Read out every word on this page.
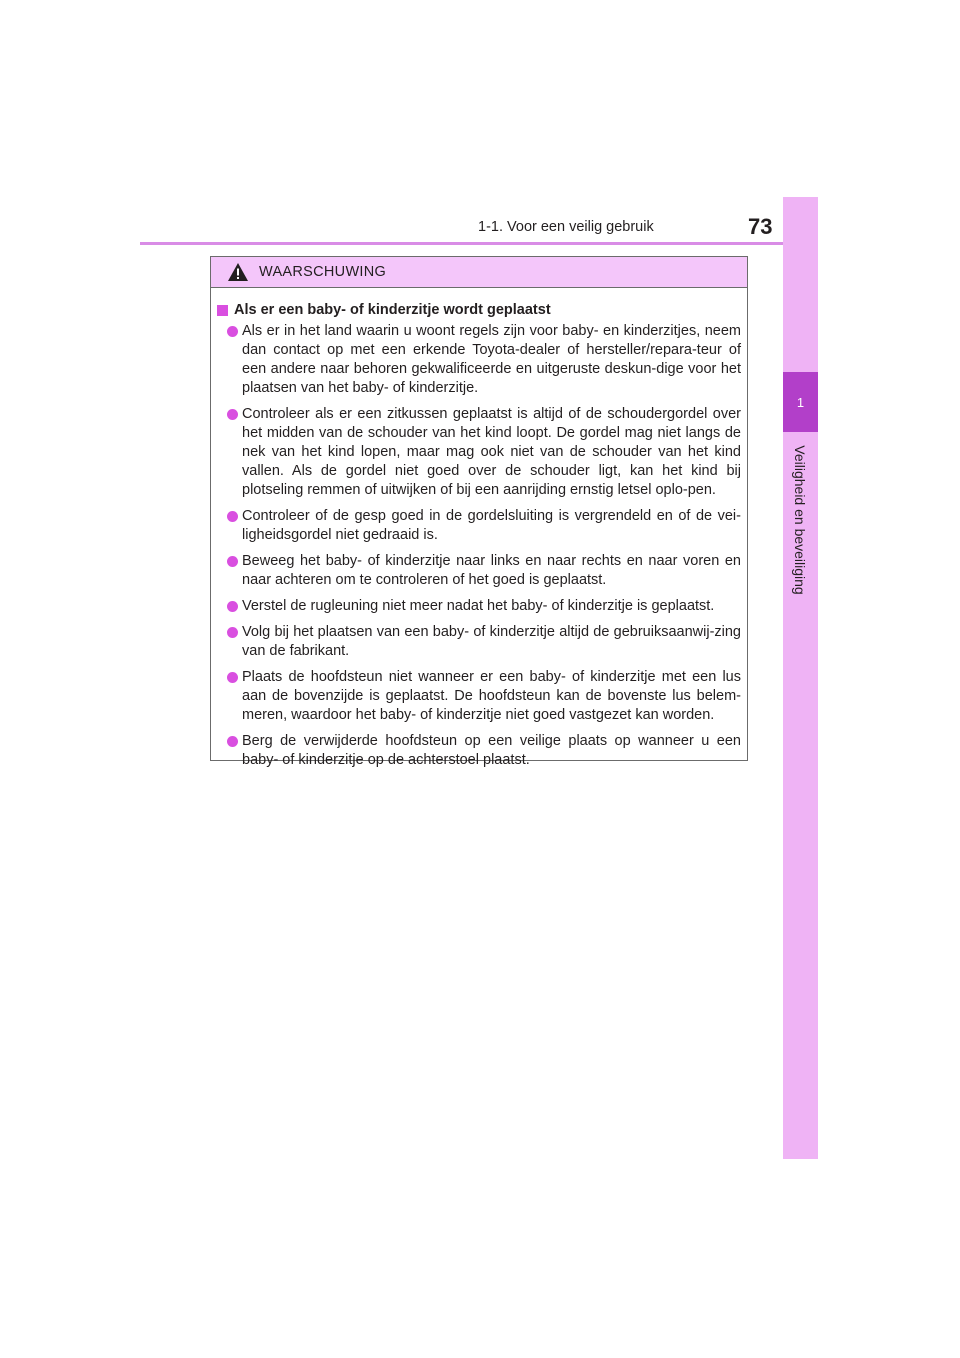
1-1. Voor een veilig gebruik	73
1
Veiligheid en beveiliging
WAARSCHUWING
Als er een baby- of kinderzitje wordt geplaatst
Als er in het land waarin u woont regels zijn voor baby- en kinderzitjes, neem dan contact op met een erkende Toyota-dealer of hersteller/repara-teur of een andere naar behoren gekwalificeerde en uitgeruste deskun-dige voor het plaatsen van het baby- of kinderzitje.
Controleer als er een zitkussen geplaatst is altijd of de schoudergordel over het midden van de schouder van het kind loopt. De gordel mag niet langs de nek van het kind lopen, maar mag ook niet van de schouder van het kind vallen. Als de gordel niet goed over de schouder ligt, kan het kind bij plotseling remmen of uitwijken of bij een aanrijding ernstig letsel oplo-pen.
Controleer of de gesp goed in de gordelsluiting is vergrendeld en of de vei-ligheidsgordel niet gedraaid is.
Beweeg het baby- of kinderzitje naar links en naar rechts en naar voren en naar achteren om te controleren of het goed is geplaatst.
Verstel de rugleuning niet meer nadat het baby- of kinderzitje is geplaatst.
Volg bij het plaatsen van een baby- of kinderzitje altijd de gebruiksaanwij-zing van de fabrikant.
Plaats de hoofdsteun niet wanneer er een baby- of kinderzitje met een lus aan de bovenzijde is geplaatst. De hoofdsteun kan de bovenste lus belem-meren, waardoor het baby- of kinderzitje niet goed vastgezet kan worden.
Berg de verwijderde hoofdsteun op een veilige plaats op wanneer u een baby- of kinderzitje op de achterstoel plaatst.
